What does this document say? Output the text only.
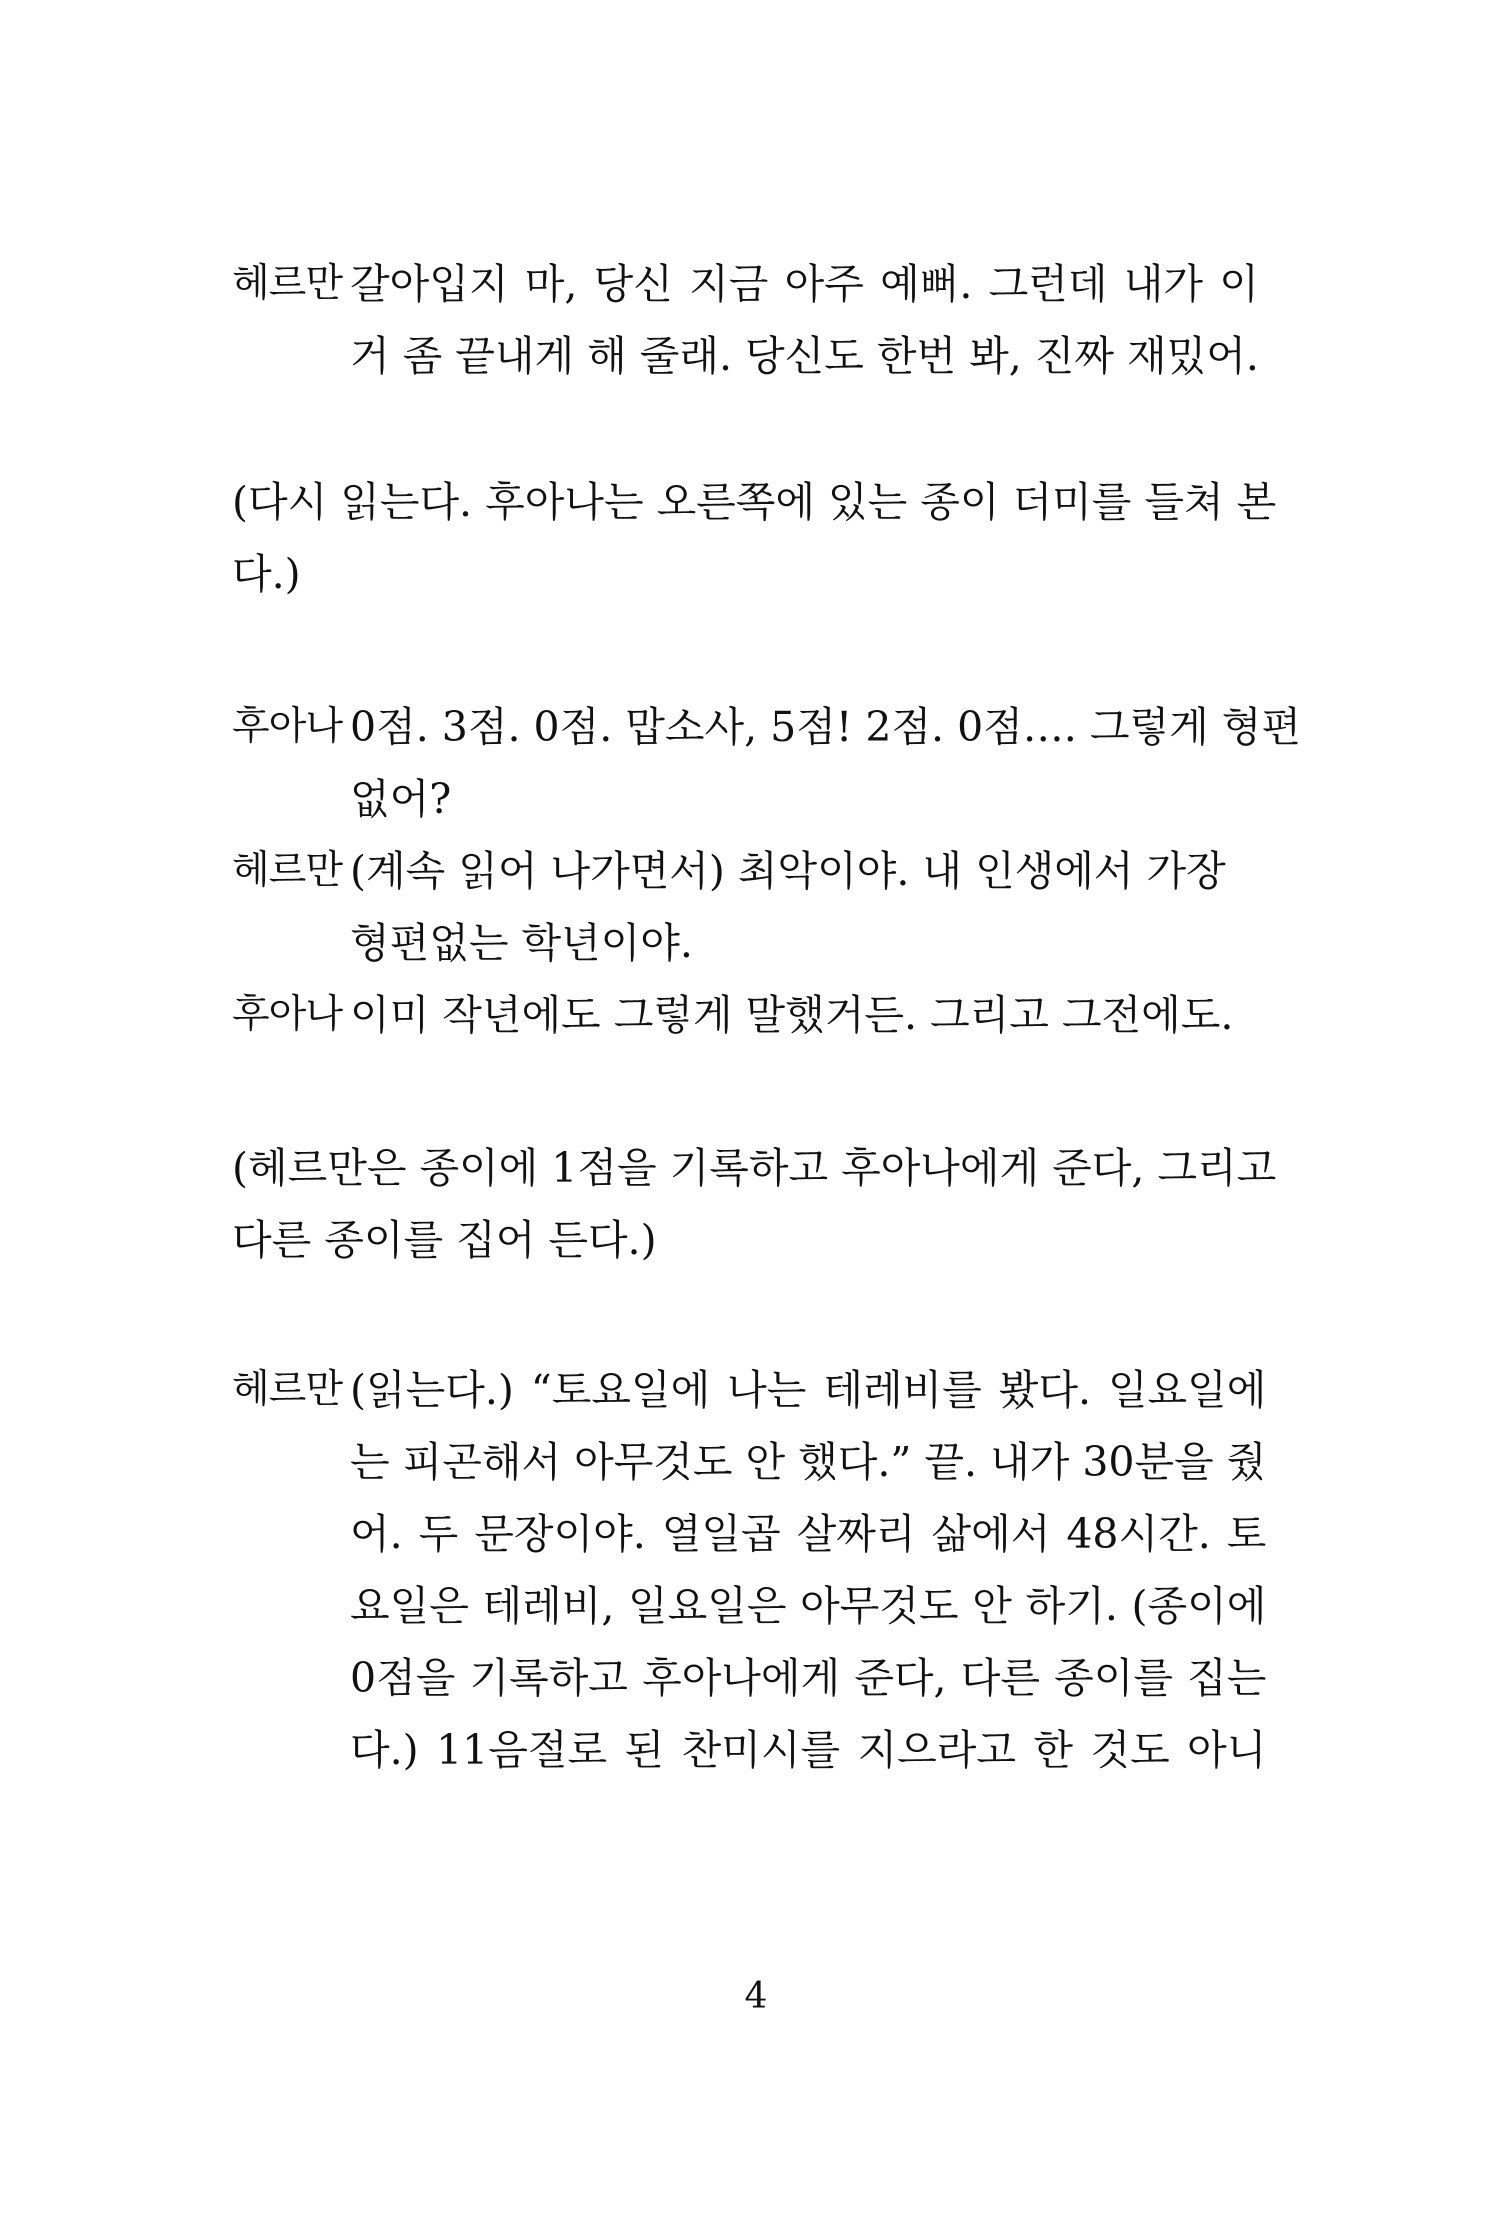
헤르만 갈아입지 마, 당신 지금 아주 예뻐. 그런데 내가 이
거 좀 끝내게 해 줄래. 당신도 한번 봐, 진짜 재밌어.
(다시 읽는다. 후아나는 오른쪽에 있는 종이 더미를 들쳐 본
다.)
후아나 0점. 3점. 0점. 맙소사, 5점! 2점. 0점…. 그렇게 형편
없어?
헤르만 (계속 읽어 나가면서) 최악이야. 내 인생에서 가장
형편없는 학년이야.
후아나 이미 작년에도 그렇게 말했거든. 그리고 그전에도.
(헤르만은 종이에 1점을 기록하고 후아나에게 준다, 그리고
다른 종이를 집어 든다.)
헤르만 (읽는다.) “토요일에 나는 테레비를 봤다. 일요일에
는 피곤해서 아무것도 안 했다.” 끝. 내가 30분을 줬
어. 두 문장이야. 열일곱 살짜리 삶에서 48시간. 토
요일은 테레비, 일요일은 아무것도 안 하기. (종이에
0점을 기록하고 후아나에게 준다, 다른 종이를 집는
다.) 11음절로 된 찬미시를 지으라고 한 것도 아니
4
